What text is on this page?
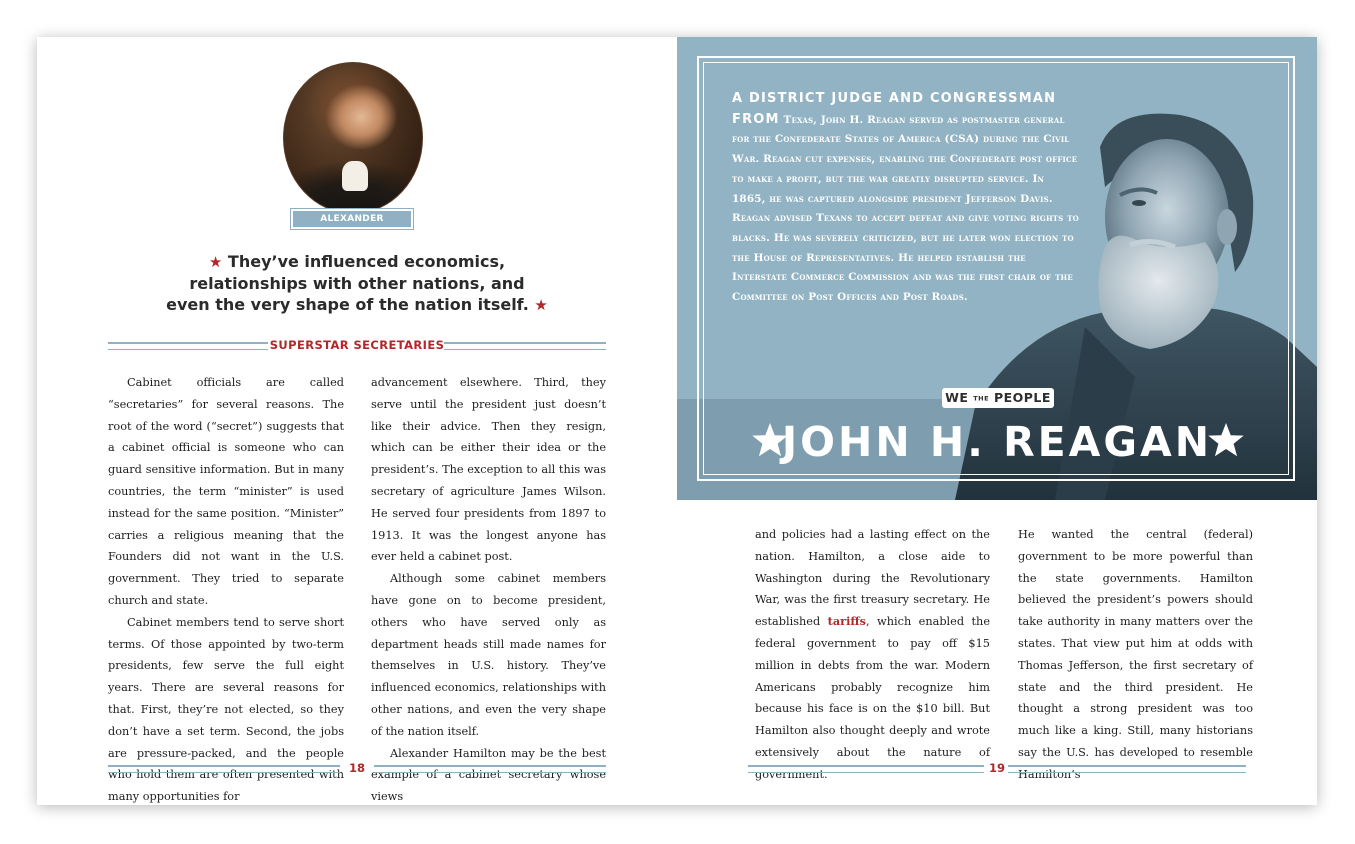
ALEXANDER HAMILTON
★ They’ve influenced economics,
relationships with other nations, and
even the very shape of the nation itself. ★
SUPERSTAR SECRETARIES

Cabinet officials are called “secretaries” for several reasons. The root of the word (“secret”) suggests that a cabinet official is someone who can guard sensitive information. But in many countries, the term “minister” is used instead for the same position. “Minister” carries a religious meaning that the Founders did not want in the U.S. government. They tried to separate church and state.

Cabinet members tend to serve short terms. Of those appointed by two-term presidents, few serve the full eight years. There are several reasons for that. First, they’re not elected, so they don’t have a set term. Second, the jobs are pressure-packed, and the people who hold them are often presented with many opportunities for

advancement elsewhere. Third, they serve until the president just doesn’t like their advice. Then they resign, which can be either their idea or the president’s. The exception to all this was secretary of agriculture James Wilson. He served four presidents from 1897 to 1913. It was the longest anyone has ever held a cabinet post.

Although some cabinet members have gone on to become president, others who have served only as department heads still made names for themselves in U.S. history. They’ve influenced economics, relationships with other nations, and even the very shape of the nation itself.

Alexander Hamilton may be the best example of a cabinet secretary whose views

18
A DISTRICT JUDGE AND CONGRESSMAN FROM Texas, John H. Reagan served as postmaster general for the Confederate States of America (CSA) during the Civil War. Reagan cut expenses, enabling the Confederate post office to make a profit, but the war greatly disrupted service. In 1865, he was captured alongside president Jefferson Davis. Reagan advised Texans to accept defeat and give voting rights to blacks. He was severely criticized, but he later won election to the House of Representatives. He helped establish the Interstate Commerce Commission and was the first chair of the Committee on Post Offices and Post Roads.
WE THE PEOPLE
JOHN H. REAGAN

and policies had a lasting effect on the nation. Hamilton, a close aide to Washington during the Revolutionary War, was the first treasury secretary. He established tariffs, which enabled the federal government to pay off $15 million in debts from the war. Modern Americans probably recognize him because his face is on the $10 bill. But Hamilton also thought deeply and wrote extensively about the nature of government.

He wanted the central (federal) government to be more powerful than the state governments. Hamilton believed the president’s powers should take authority in many matters over the states. That view put him at odds with Thomas Jefferson, the first secretary of state and the third president. He thought a strong president was too much like a king. Still, many historians say the U.S. has developed to resemble Hamilton’s

19
